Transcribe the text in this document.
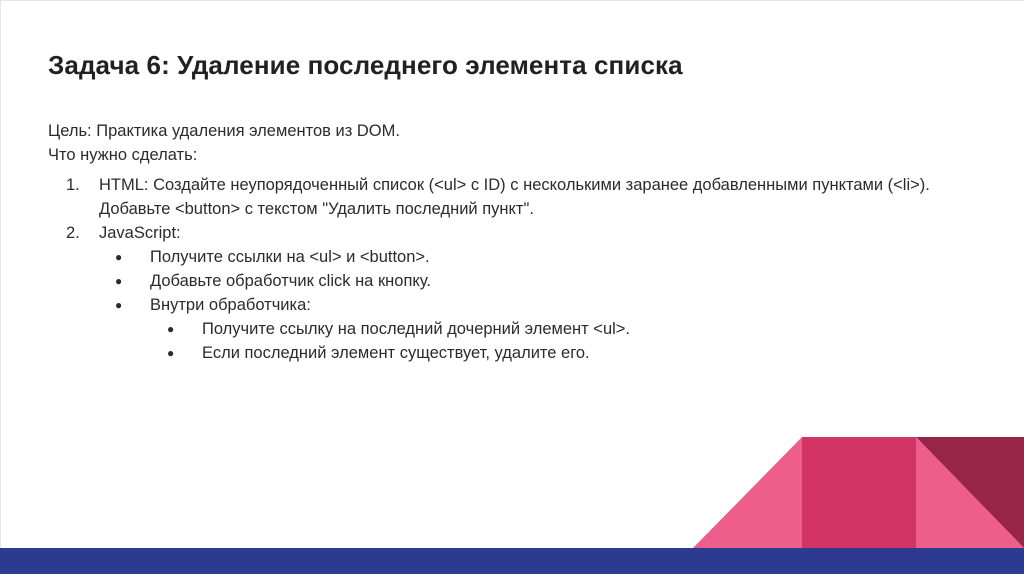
Задача 6: Удаление последнего элемента списка
Цель: Практика удаления элементов из DOM.
Что нужно сделать:
1. HTML: Создайте неупорядоченный список (<ul> с ID) с несколькими заранее добавленными пунктами (<li>).
Добавьте <button> с текстом "Удалить последний пункт".
2. JavaScript:
● Получите ссылки на <ul> и <button>.
● Добавьте обработчик click на кнопку.
● Внутри обработчика:
● Получите ссылку на последний дочерний элемент <ul>.
● Если последний элемент существует, удалите его.
